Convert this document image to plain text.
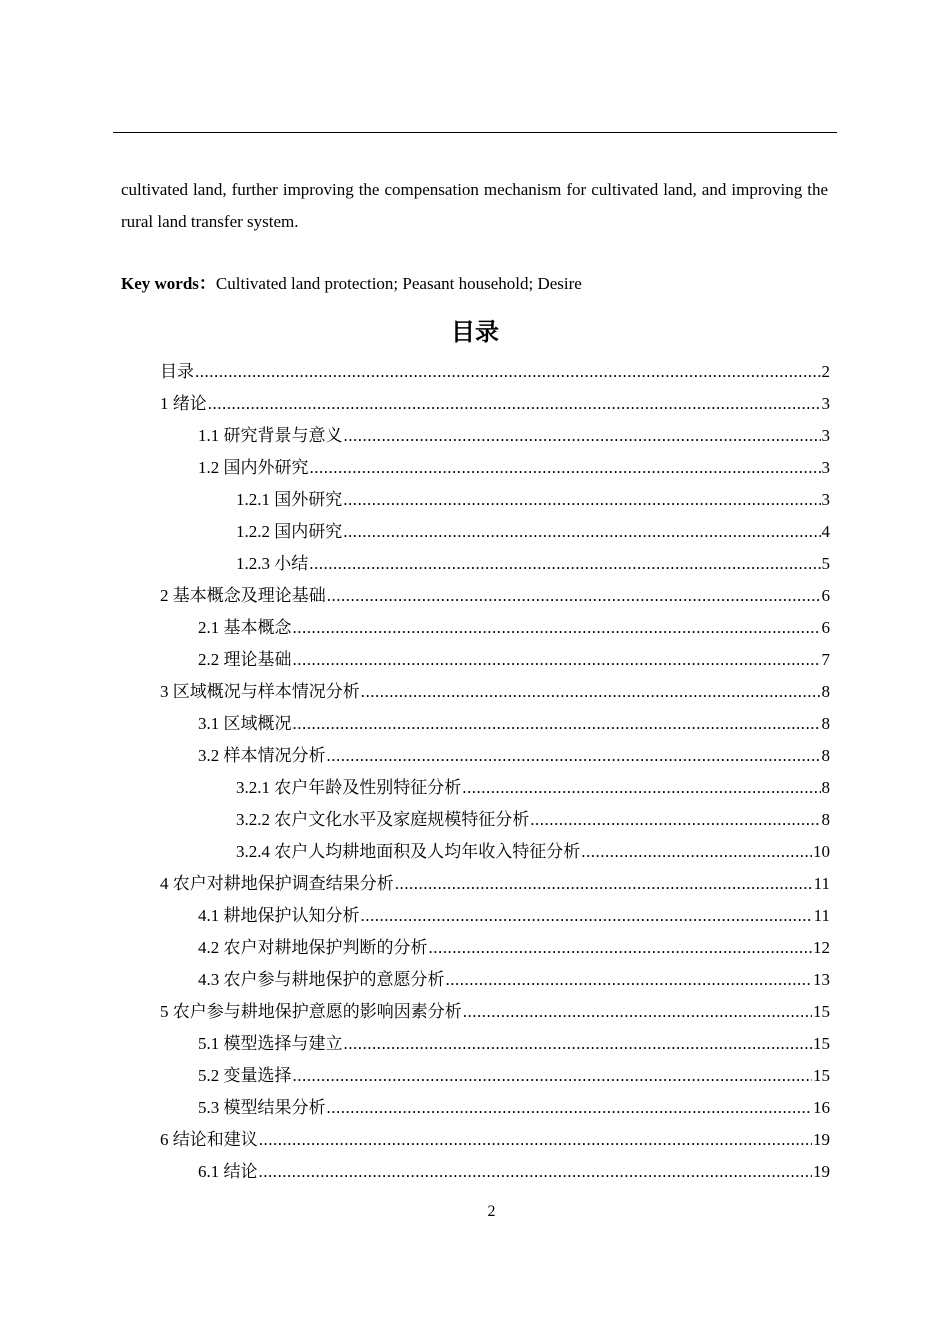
cultivated land, further improving the compensation mechanism for cultivated land, and improving the rural land transfer system.

Key words：Cultivated land protection; Peasant household; Desire
目录
目录 .....	2
1 绪论 .....	3
1.1 研究背景与意义 .....	3
1.2 国内外研究 .....	3
1.2.1 国外研究 .....	3
1.2.2 国内研究 .....	4
1.2.3 小结 .....	5
2 基本概念及理论基础 .....	6
2.1 基本概念 .....	6
2.2 理论基础 .....	7
3 区域概况与样本情况分析 .....	8
3.1 区域概况 .....	8
3.2 样本情况分析 .....	8
3.2.1 农户年龄及性别特征分析 .....	8
3.2.2 农户文化水平及家庭规模特征分析 .....	8
3.2.4 农户人均耕地面积及人均年收入特征分析 .....	10
4 农户对耕地保护调查结果分析 .....	11
4.1 耕地保护认知分析 .....	11
4.2 农户对耕地保护判断的分析 .....	12
4.3 农户参与耕地保护的意愿分析 .....	13
5 农户参与耕地保护意愿的影响因素分析 .....	15
5.1 模型选择与建立 .....	15
5.2 变量选择 .....	15
5.3 模型结果分析 .....	16
6 结论和建议 .....	19
6.1 结论 .....	19
2
